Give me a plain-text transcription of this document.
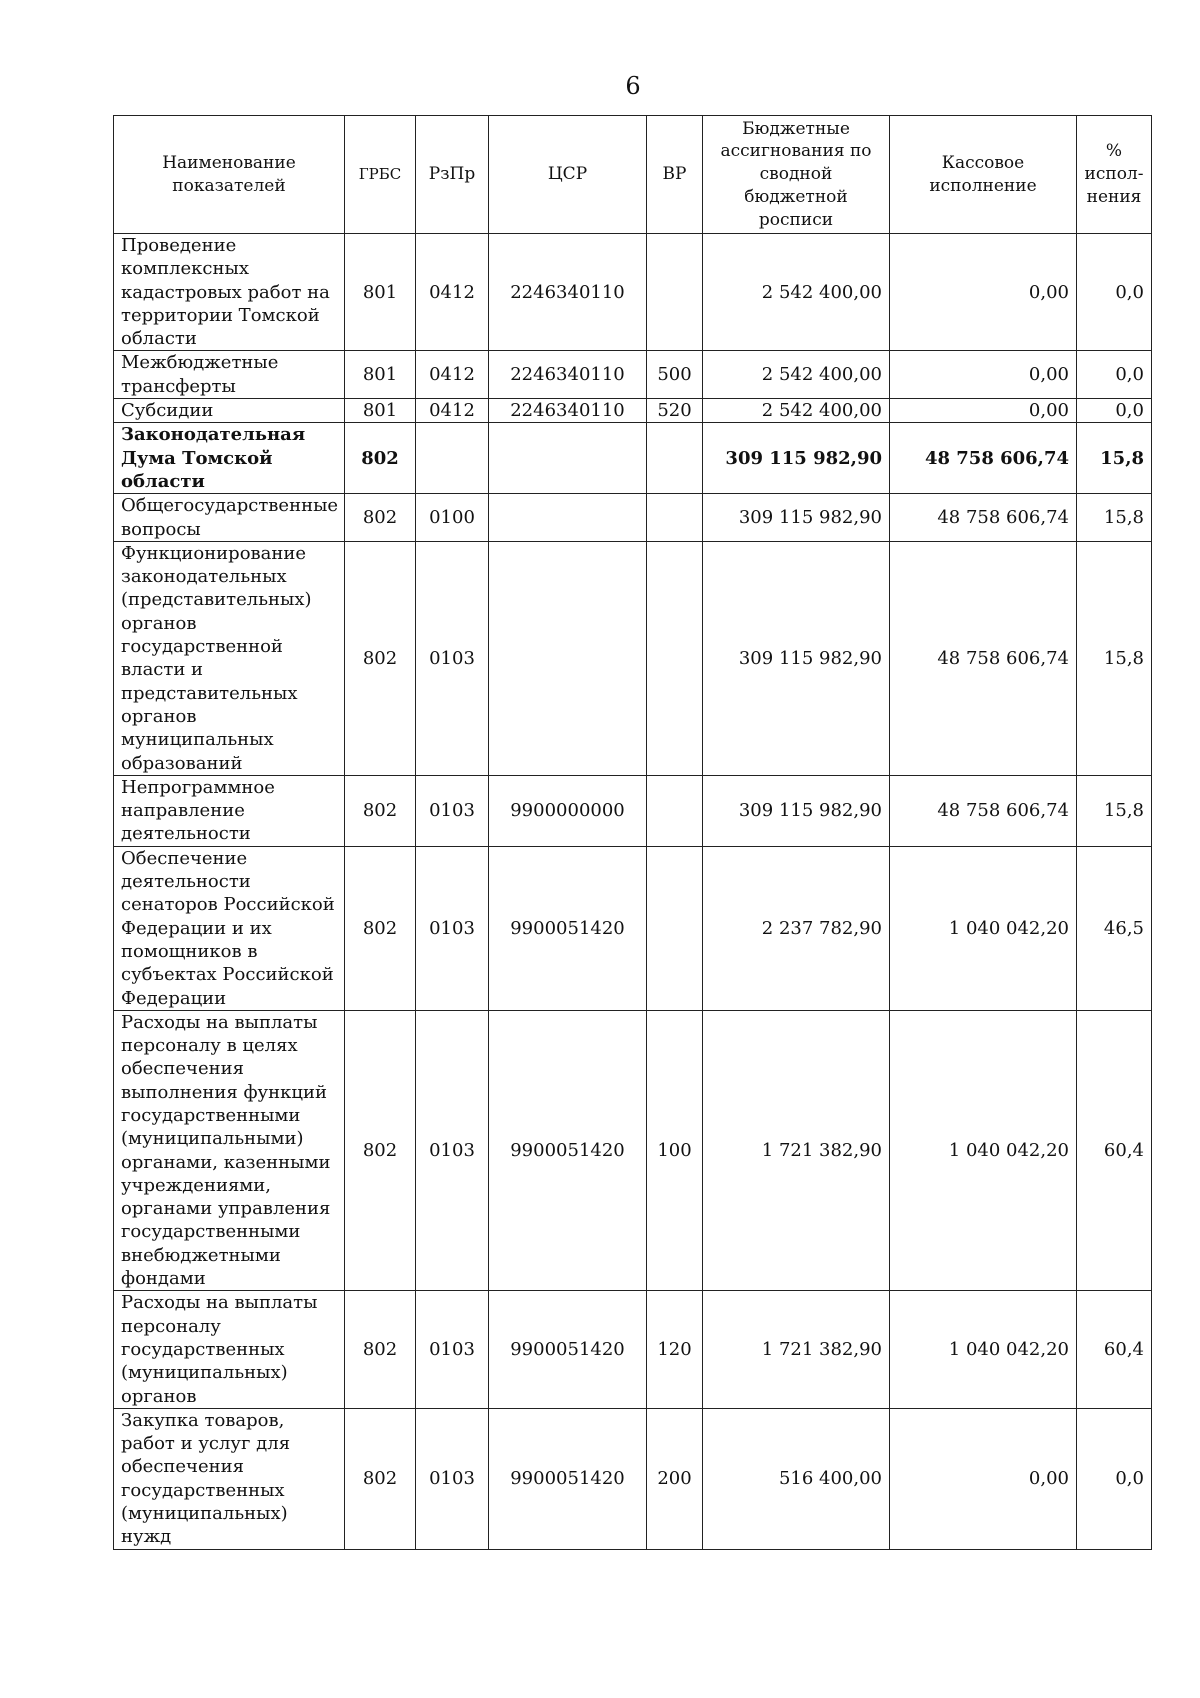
6
Наименование показателей	ГРБС	РзПр	ЦСР	ВР	Бюджетные ассигнования по сводной бюджетной росписи	Кассовое исполнение	% испол- нения
Проведение комплексных кадастровых работ на территории Томской области	801	0412	2246340110		2 542 400,00	0,00	0,0
Межбюджетные трансферты	801	0412	2246340110	500	2 542 400,00	0,00	0,0
Субсидии	801	0412	2246340110	520	2 542 400,00	0,00	0,0
Законодательная Дума Томской области	802				309 115 982,90	48 758 606,74	15,8
Общегосударственные вопросы	802	0100			309 115 982,90	48 758 606,74	15,8
Функционирование законодательных (представительных) органов государственной власти и представительных органов муниципальных образований	802	0103			309 115 982,90	48 758 606,74	15,8
Непрограммное направление деятельности	802	0103	9900000000		309 115 982,90	48 758 606,74	15,8
Обеспечение деятельности сенаторов Российской Федерации и их помощников в субъектах Российской Федерации	802	0103	9900051420		2 237 782,90	1 040 042,20	46,5
Расходы на выплаты персоналу в целях обеспечения выполнения функций государственными (муниципальными) органами, казенными учреждениями, органами управления государственными внебюджетными фондами	802	0103	9900051420	100	1 721 382,90	1 040 042,20	60,4
Расходы на выплаты персоналу государственных (муниципальных) органов	802	0103	9900051420	120	1 721 382,90	1 040 042,20	60,4
Закупка товаров, работ и услуг для обеспечения государственных (муниципальных) нужд	802	0103	9900051420	200	516 400,00	0,00	0,0
